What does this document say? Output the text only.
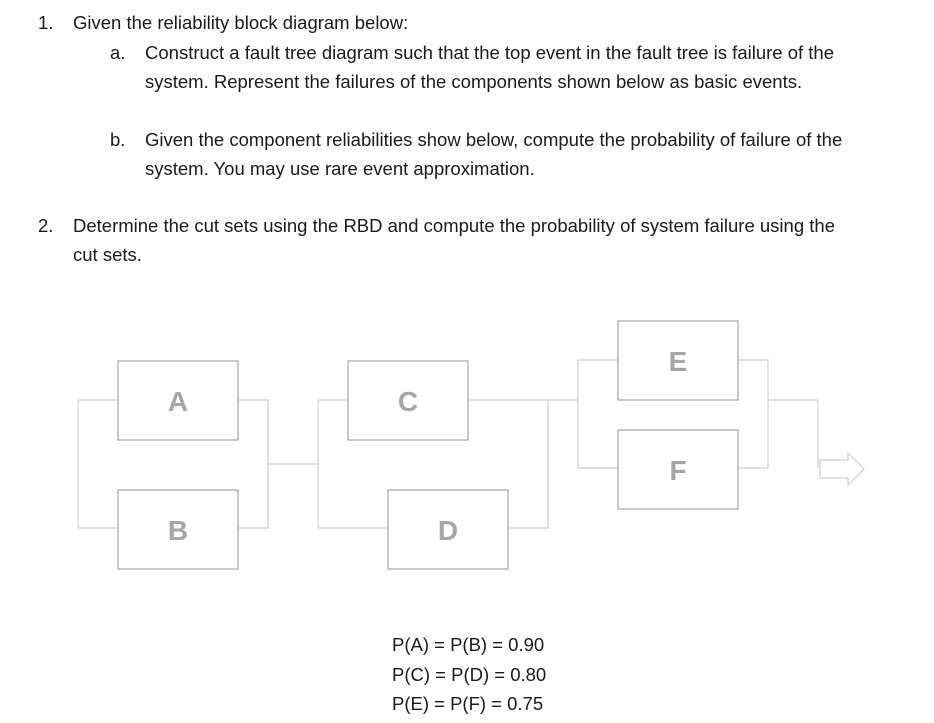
1. Given the reliability block diagram below:
a. Construct a fault tree diagram such that the top event in the fault tree is failure of the
system. Represent the failures of the components shown below as basic events.
b. Given the component reliabilities show below, compute the probability of failure of the
system. You may use rare event approximation.
2. Determine the cut sets using the RBD and compute the probability of system failure using the
cut sets.
A
B
C
D
E
F
P(A) = P(B) = 0.90
P(C) = P(D) = 0.80
P(E) = P(F) = 0.75
